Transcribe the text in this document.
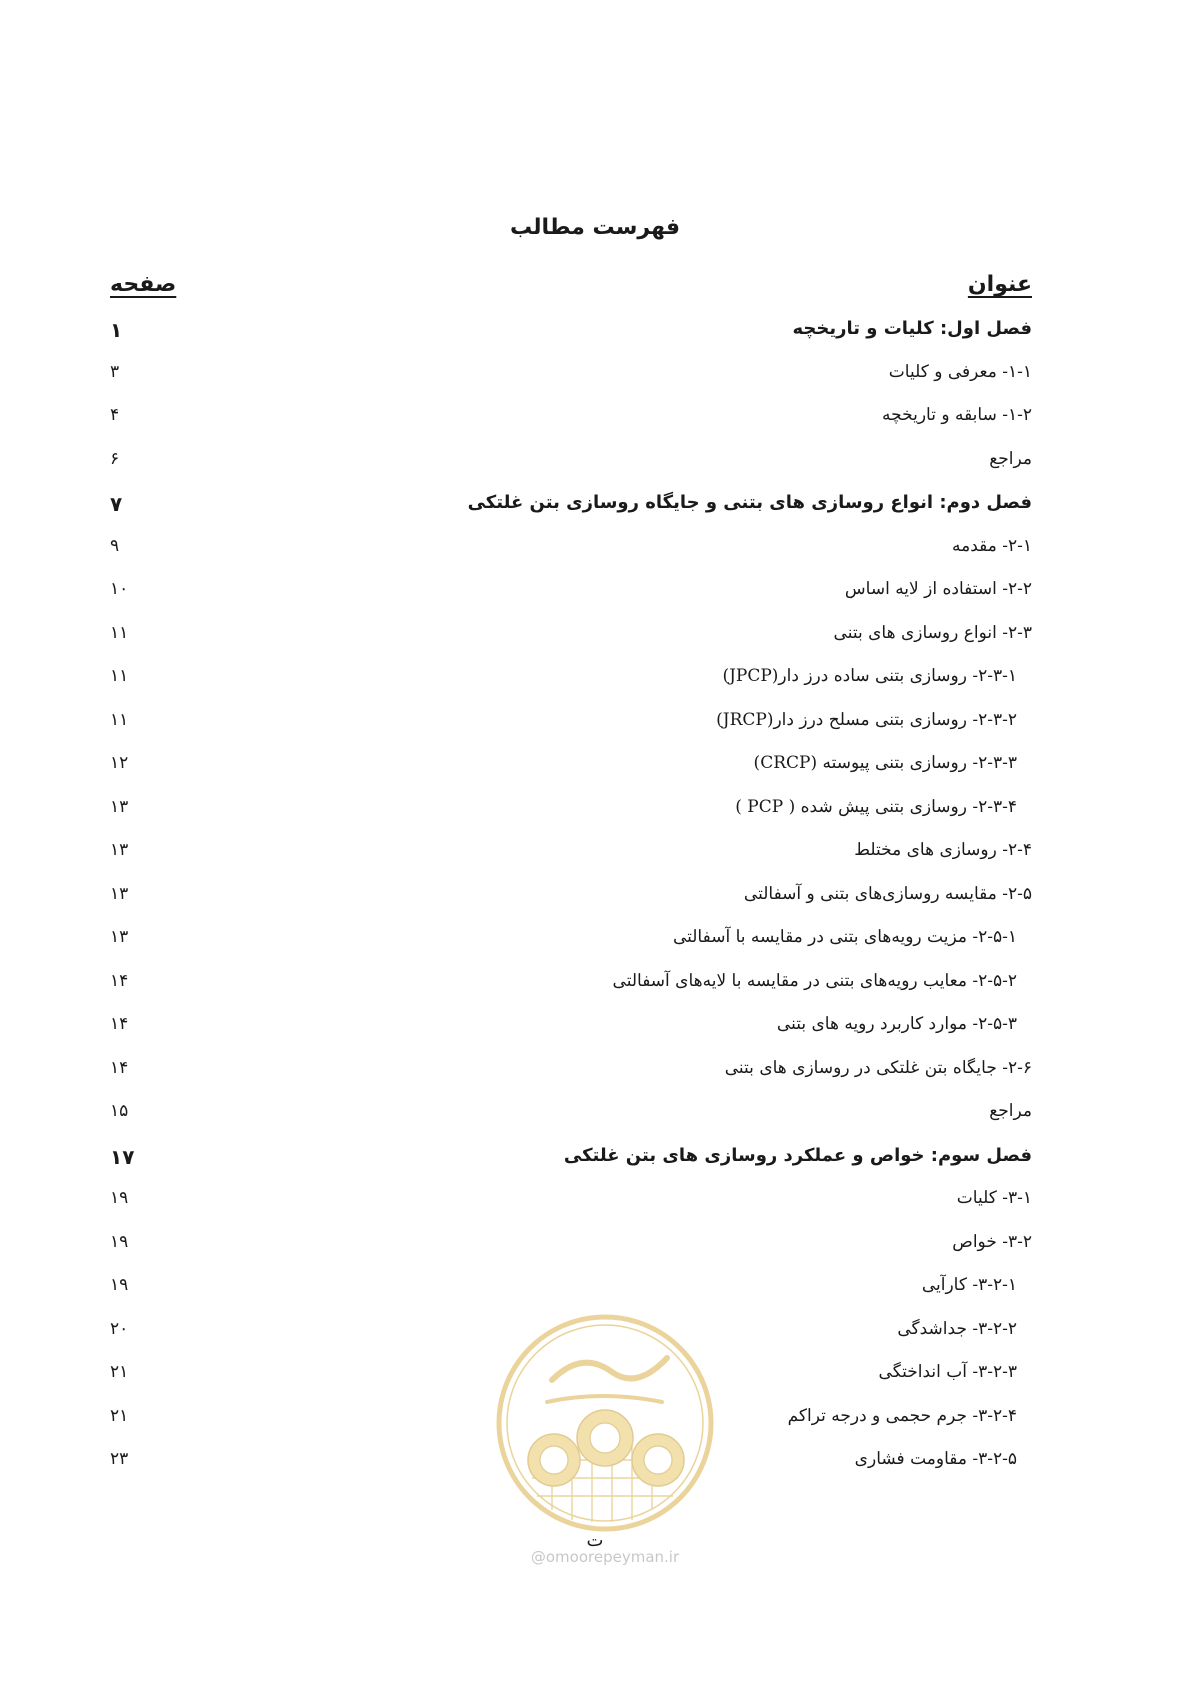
فهرست مطالب
عنوان
صفحه
فصل اول: کلیات و تاریخچه
۱
۱-۱- معرفی و کلیات
۳
۱-۲- سابقه و تاریخچه
۴
مراجع
۶
فصل دوم: انواع روسازی های بتنی و جایگاه روسازی بتن غلتکی
۷
۲-۱- مقدمه
۹
۲-۲- استفاده از لایه اساس
۱۰
۲-۳- انواع روسازی های بتنی
۱۱
۲-۳-۱- روسازی بتنی ساده درز دار(JPCP)
۱۱
۲-۳-۲- روسازی بتنی مسلح درز دار(JRCP)
۱۱
۲-۳-۳- روسازی بتنی پیوسته (CRCP)
۱۲
۲-۳-۴- روسازی بتنی پیش شده ( PCP )
۱۳
۲-۴- روسازی های مختلط
۱۳
۲-۵- مقایسه روسازی‌های بتنی و آسفالتی
۱۳
۲-۵-۱- مزیت رویه‌های بتنی در مقایسه با آسفالتی
۱۳
۲-۵-۲- معایب رویه‌های بتنی در مقایسه با لایه‌های آسفالتی
۱۴
۲-۵-۳- موارد کاربرد رویه های بتنی
۱۴
۲-۶- جایگاه بتن غلتکی در روسازی های بتنی
۱۴
مراجع
۱۵
فصل سوم: خواص و عملکرد روسازی های بتن غلتکی
۱۷
۳-۱- کلیات
۱۹
۳-۲- خواص
۱۹
۳-۲-۱- کارآیی
۱۹
۳-۲-۲- جداشدگی
۲۰
۳-۲-۳- آب انداختگی
۲۱
۳-۲-۴- جرم حجمی و درجه تراکم
۲۱
۳-۲-۵- مقاومت فشاری
۲۳
@omoorepeyman.ir
ت
